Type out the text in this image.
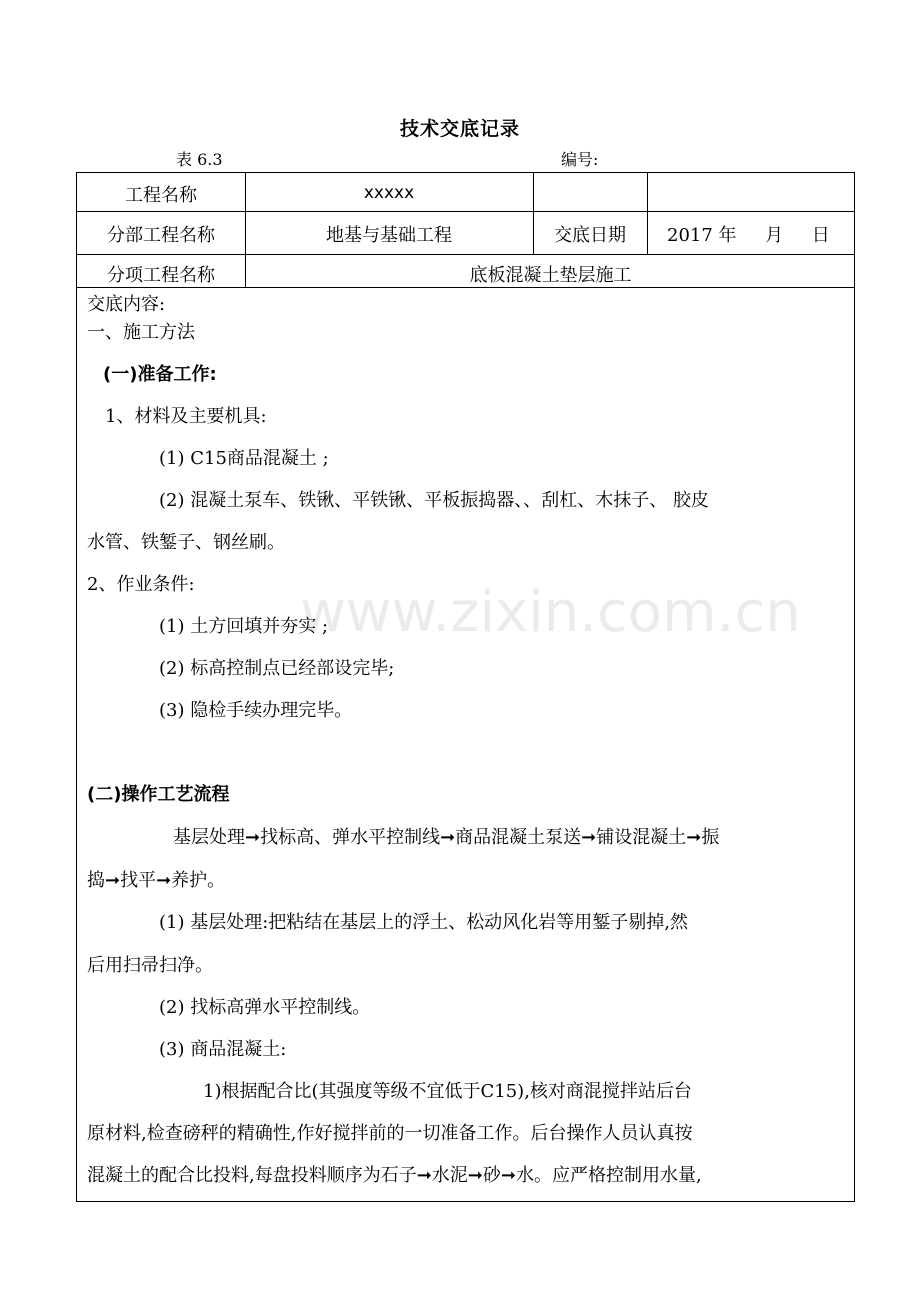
技术交底记录
表 6.3	编号:
工程名称	xxxxx
分部工程名称	地基与基础工程	交底日期	2017 年     月     日
分项工程名称	底板混凝土垫层施工
交底内容:
一、施工方法
(一)准备工作:
1、材料及主要机具:
(1) C15商品混凝土 ;
(2) 混凝土泵车、铁锹、平铁锹、平板振捣器、、刮杠、木抹子、 胶皮
水管、铁錾子、钢丝刷。
2、作业条件:
(1) 土方回填并夯实 ;
(2) 标高控制点已经部设完毕;
(3) 隐检手续办理完毕。
(二)操作工艺流程
基层处理➞找标高、弹水平控制线➞商品混凝土泵送➞铺设混凝土➞振
捣➞找平➞养护。
(1) 基层处理:把粘结在基层上的浮土、松动风化岩等用錾子剔掉,然
后用扫帚扫净。
(2) 找标高弹水平控制线。
(3) 商品混凝土:
1)根据配合比(其强度等级不宜低于C15),核对商混搅拌站后台
原材料,检查磅秤的精确性,作好搅拌前的一切准备工作。后台操作人员认真按
混凝土的配合比投料,每盘投料顺序为石子➞水泥➞砂➞水。应严格控制用水量,
www.zixin.com.cn
